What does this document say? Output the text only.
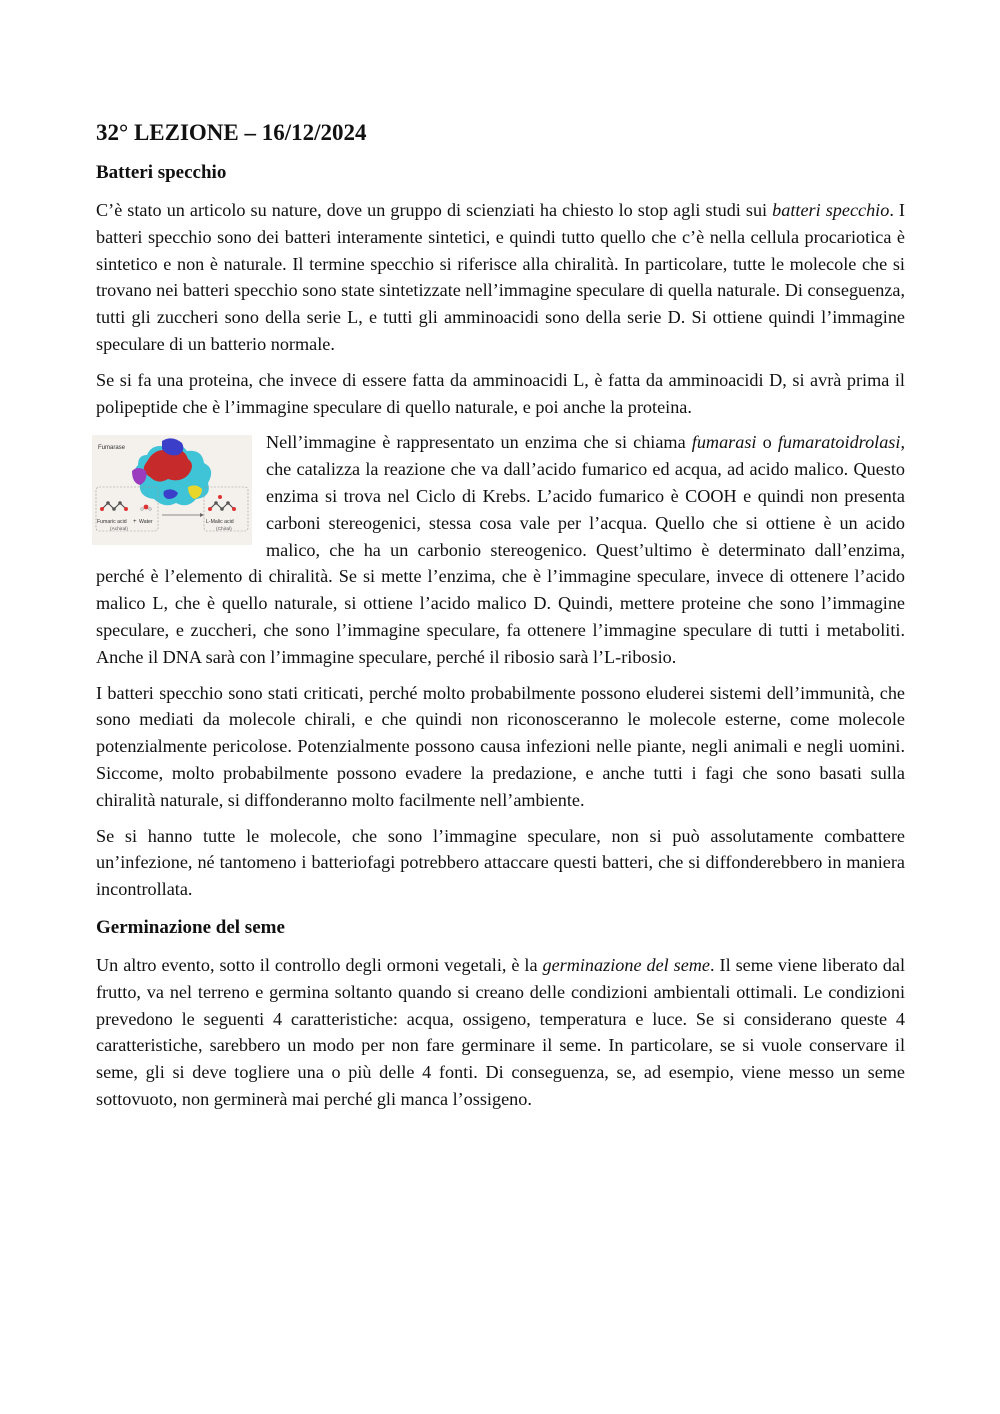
32° LEZIONE – 16/12/2024
Batteri specchio

C’è stato un articolo su nature, dove un gruppo di scienziati ha chiesto lo stop agli studi sui batteri specchio. I batteri specchio sono dei batteri interamente sintetici, e quindi tutto quello che c’è nella cellula procariotica è sintetico e non è naturale. Il termine specchio si riferisce alla chiralità. In particolare, tutte le molecole che si trovano nei batteri specchio sono state sintetizzate nell’immagine speculare di quella naturale. Di conseguenza, tutti gli zuccheri sono della serie L, e tutti gli amminoacidi sono della serie D. Si ottiene quindi l’immagine speculare di un batterio normale.

Se si fa una proteina, che invece di essere fatta da amminoacidi L, è fatta da amminoacidi D, si avrà prima il polipeptide che è l’immagine speculare di quello naturale, e poi anche la proteina.

Fumarase
Fumaric acid + Water	L-Malic acid
(Achiral)	(Chiral)

Nell’immagine è rappresentato un enzima che si chiama fumarasi o fumaratoidrolasi, che catalizza la reazione che va dall’acido fumarico ed acqua, ad acido malico. Questo enzima si trova nel Ciclo di Krebs. L’acido fumarico è COOH e quindi non presenta carboni stereogenici, stessa cosa vale per l’acqua. Quello che si ottiene è un acido malico, che ha un carbonio stereogenico. Quest’ultimo è determinato dall’enzima, perché è l’elemento di chiralità. Se si mette l’enzima, che è l’immagine speculare, invece di ottenere l’acido malico L, che è quello naturale, si ottiene l’acido malico D. Quindi, mettere proteine che sono l’immagine speculare, e zuccheri, che sono l’immagine speculare, fa ottenere l’immagine speculare di tutti i metaboliti. Anche il DNA sarà con l’immagine speculare, perché il ribosio sarà l’L-ribosio.

I batteri specchio sono stati criticati, perché molto probabilmente possono eluderei sistemi dell’immunità, che sono mediati da molecole chirali, e che quindi non riconosceranno le molecole esterne, come molecole potenzialmente pericolose. Potenzialmente possono causa infezioni nelle piante, negli animali e negli uomini. Siccome, molto probabilmente possono evadere la predazione, e anche tutti i fagi che sono basati sulla chiralità naturale, si diffonderanno molto facilmente nell’ambiente.

Se si hanno tutte le molecole, che sono l’immagine speculare, non si può assolutamente combattere un’infezione, né tantomeno i batteriofagi potrebbero attaccare questi batteri, che si diffonderebbero in maniera incontrollata.

Germinazione del seme

Un altro evento, sotto il controllo degli ormoni vegetali, è la germinazione del seme. Il seme viene liberato dal frutto, va nel terreno e germina soltanto quando si creano delle condizioni ambientali ottimali. Le condizioni prevedono le seguenti 4 caratteristiche: acqua, ossigeno, temperatura e luce. Se si considerano queste 4 caratteristiche, sarebbero un modo per non fare germinare il seme. In particolare, se si vuole conservare il seme, gli si deve togliere una o più delle 4 fonti. Di conseguenza, se, ad esempio, viene messo un seme sottovuoto, non germinerà mai perché gli manca l’ossigeno.
